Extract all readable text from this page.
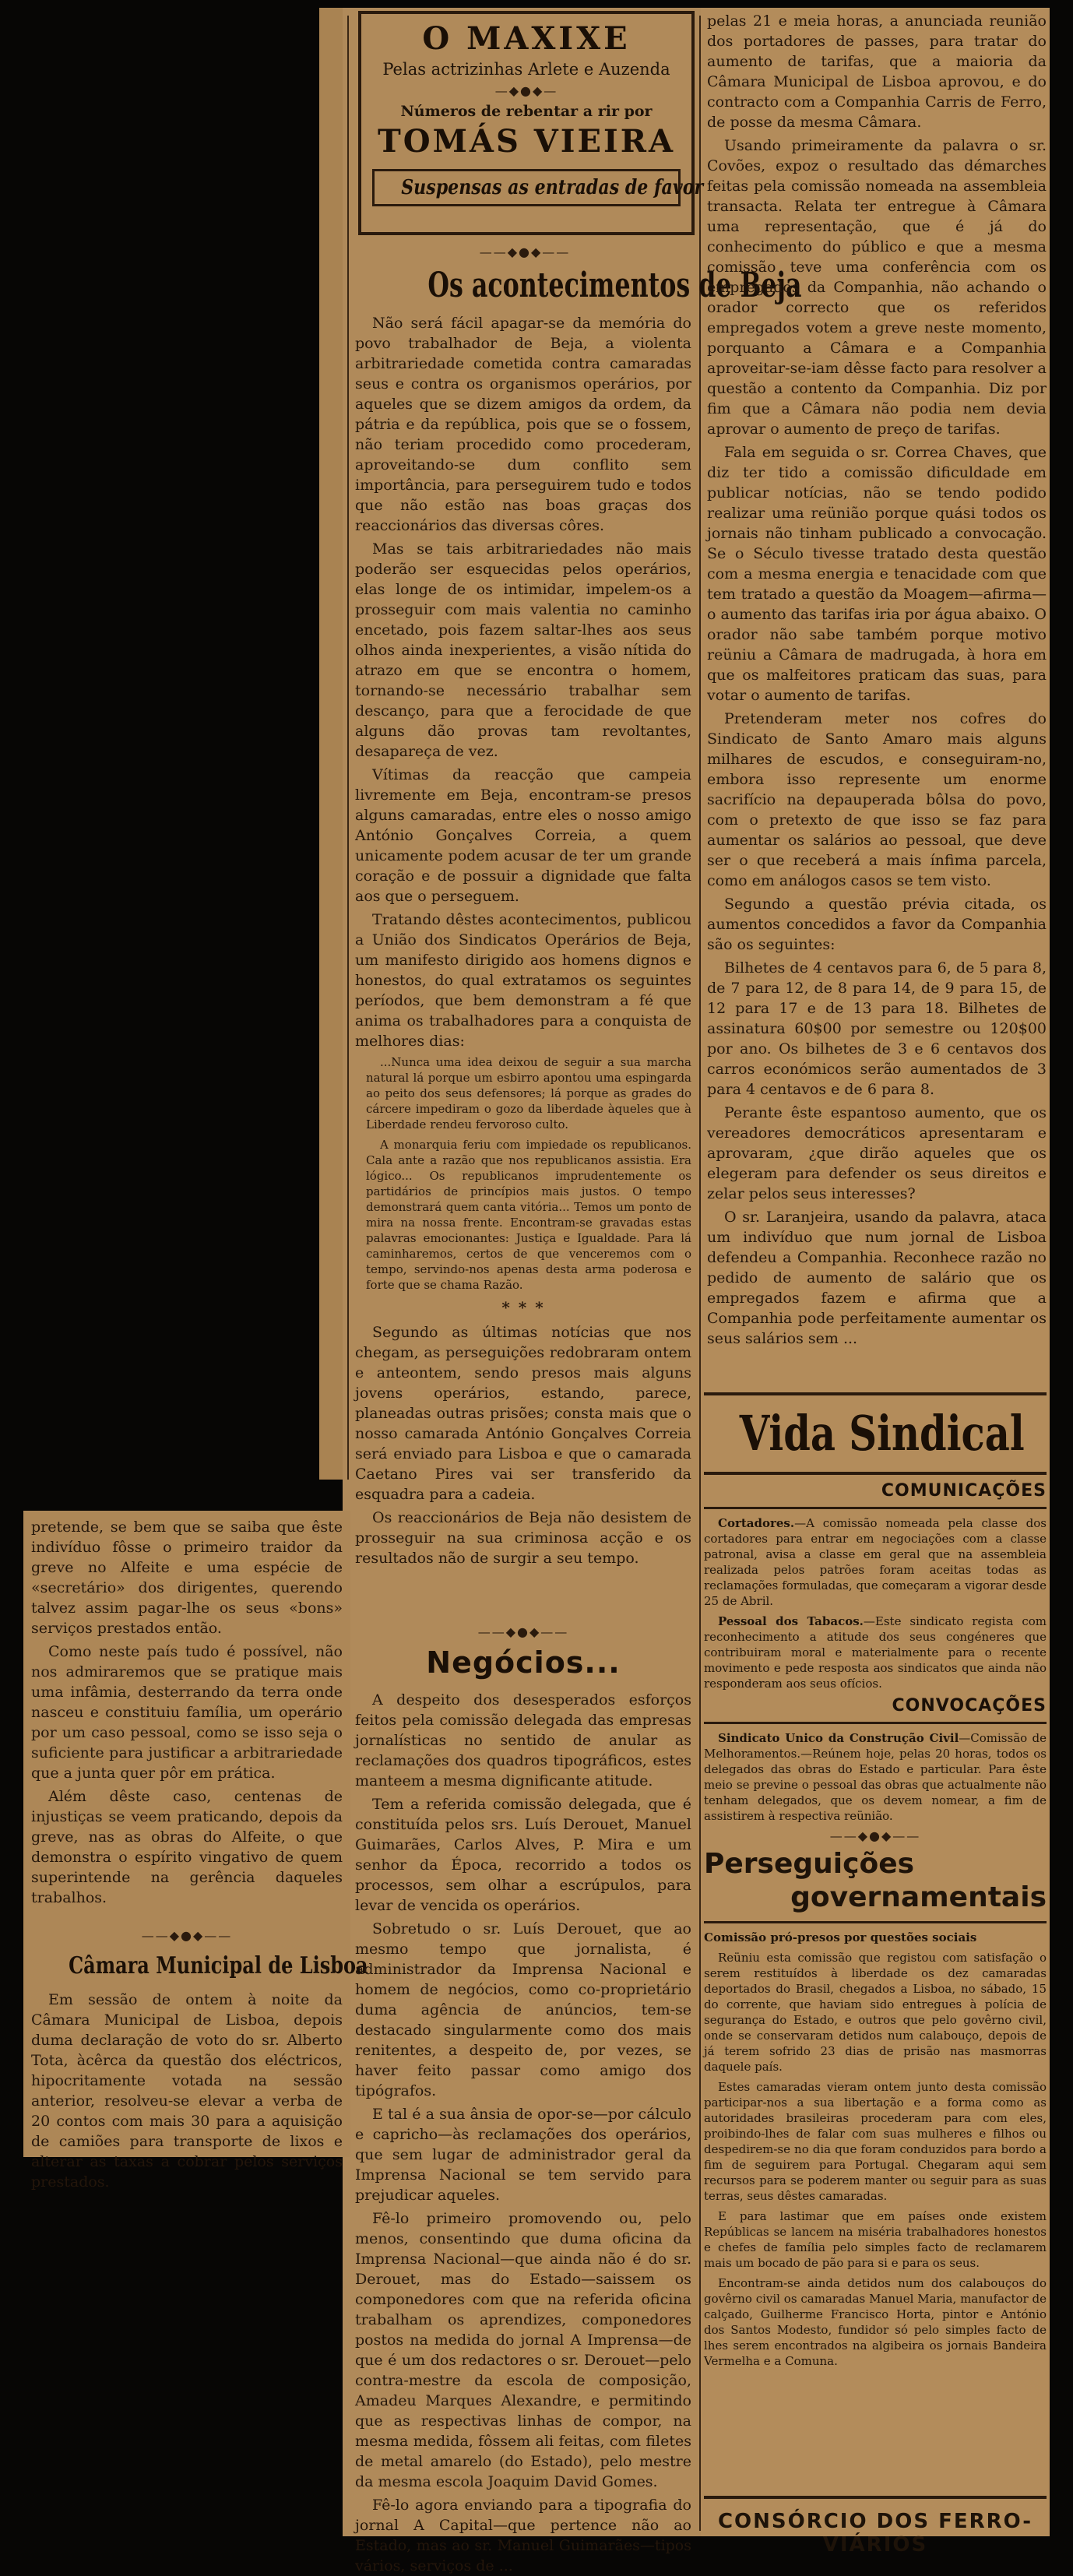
O MAXIXE
Pelas actrizinhas Arlete e Auzenda
—◆●◆—
Números de rebentar a rir por
TOMÁS VIEIRA
Suspensas as entradas de favor
——◆●◆——
Os acontecimentos de Beja

Não será fácil apagar-se da memória do povo trabalhador de Beja, a violenta arbitrariedade cometida contra camaradas seus e contra os organismos operários, por aqueles que se dizem amigos da ordem, da pátria e da república, pois que se o fossem, não teriam procedido como procederam, aproveitando-se dum conflito sem importância, para perseguirem tudo e todos que não estão nas boas graças dos reaccionários das diversas côres.

Mas se tais arbitrariedades não mais poderão ser esquecidas pelos operários, elas longe de os intimidar, impelem-os a prosseguir com mais valentia no caminho encetado, pois fazem saltar-lhes aos seus olhos ainda inexperientes, a visão nítida do atrazo em que se encontra o homem, tornando-se necessário trabalhar sem descanço, para que a ferocidade de que alguns dão provas tam revoltantes, desapareça de vez.

Vítimas da reacção que campeia livremente em Beja, encontram-se presos alguns camaradas, entre eles o nosso amigo António Gonçalves Correia, a quem unicamente podem acusar de ter um grande coração e de possuir a dignidade que falta aos que o perseguem.

Tratando dêstes acontecimentos, publicou a União dos Sindicatos Operários de Beja, um manifesto dirigido aos homens dignos e honestos, do qual extratamos os seguintes períodos, que bem demonstram a fé que anima os trabalhadores para a conquista de melhores dias:

...Nunca uma idea deixou de seguir a sua marcha natural lá porque um esbirro apontou uma espingarda ao peito dos seus defensores; lá porque as grades do cárcere impediram o gozo da liberdade àqueles que à Liberdade rendeu fervoroso culto.

A monarquia feriu com impiedade os republicanos. Cala ante a razão que nos republicanos assistia. Era lógico... Os republicanos imprudentemente os partidários de princípios mais justos. O tempo demonstrará quem canta vitória... Temos um ponto de mira na nossa frente. Encontram-se gravadas estas palavras emocionantes: Justiça e Igualdade. Para lá caminharemos, certos de que venceremos com o tempo, servindo-nos apenas desta arma poderosa e forte que se chama Razão.

* * *

Segundo as últimas notícias que nos chegam, as perseguições redobraram ontem e anteontem, sendo presos mais alguns jovens operários, estando, parece, planeadas outras prisões; consta mais que o nosso camarada António Gonçalves Correia será enviado para Lisboa e que o camarada Caetano Pires vai ser transferido da esquadra para a cadeia.

Os reaccionários de Beja não desistem de prosseguir na sua criminosa acção e os resultados não de surgir a seu tempo.

pretende, se bem que se saiba que êste indivíduo fôsse o primeiro traidor da greve no Alfeite e uma espécie de «secretário» dos dirigentes, querendo talvez assim pagar-lhe os seus «bons» serviços prestados então.

Como neste país tudo é possível, não nos admiraremos que se pratique mais uma infâmia, desterrando da terra onde nasceu e constituiu família, um operário por um caso pessoal, como se isso seja o suficiente para justificar a arbitrariedade que a junta quer pôr em prática.

Além dêste caso, centenas de injustiças se veem praticando, depois da greve, nas as obras do Alfeite, o que demonstra o espírito vingativo de quem superintende na gerência daqueles trabalhos.

——◆●◆——
Câmara Municipal de Lisboa

Em sessão de ontem à noite da Câmara Municipal de Lisboa, depois duma declaração de voto do sr. Alberto Tota, àcêrca da questão dos eléctricos, hipocritamente votada na sessão anterior, resolveu-se elevar a verba de 20 contos com mais 30 para a aquisição de camiões para transporte de lixos e alterar as taxas a cobrar pelos serviços prestados.

——◆●◆——
Negócios...

A despeito dos desesperados esforços feitos pela comissão delegada das empresas jornalísticas no sentido de anular as reclamações dos quadros tipográficos, estes manteem a mesma dignificante atitude.

Tem a referida comissão delegada, que é constituída pelos srs. Luís Derouet, Manuel Guimarães, Carlos Alves, P. Mira e um senhor da Época, recorrido a todos os processos, sem olhar a escrúpulos, para levar de vencida os operários.

Sobretudo o sr. Luís Derouet, que ao mesmo tempo que jornalista, é administrador da Imprensa Nacional e homem de negócios, como co-proprietário duma agência de anúncios, tem-se destacado singularmente como dos mais renitentes, a despeito de, por vezes, se haver feito passar como amigo dos tipógrafos.

E tal é a sua ânsia de opor-se—por cálculo e capricho—às reclamações dos operários, que sem lugar de administrador geral da Imprensa Nacional se tem servido para prejudicar aqueles.

Fê-lo primeiro promovendo ou, pelo menos, consentindo que duma oficina da Imprensa Nacional—que ainda não é do sr. Derouet, mas do Estado—saissem os componedores com que na referida oficina trabalham os aprendizes, componedores postos na medida do jornal A Imprensa—de que é um dos redactores o sr. Derouet—pelo contra-mestre da escola de composição, Amadeu Marques Alexandre, e permitindo que as respectivas linhas de compor, na mesma medida, fôssem ali feitas, com filetes de metal amarelo (do Estado), pelo mestre da mesma escola Joaquim David Gomes.

Fê-lo agora enviando para a tipografia do jornal A Capital—que pertence não ao Estado, mas ao sr. Manuel Guimarães—tipos vários, serviços de ...

pelas 21 e meia horas, a anunciada reunião dos portadores de passes, para tratar do aumento de tarifas, que a maioria da Câmara Municipal de Lisboa aprovou, e do contracto com a Companhia Carris de Ferro, de posse da mesma Câmara.

Usando primeiramente da palavra o sr. Covões, expoz o resultado das démarches feitas pela comissão nomeada na assembleia transacta. Relata ter entregue à Câmara uma representação, que é já do conhecimento do público e que a mesma comissão teve uma conferência com os empregados da Companhia, não achando o orador correcto que os referidos empregados votem a greve neste momento, porquanto a Câmara e a Companhia aproveitar-se-iam dêsse facto para resolver a questão a contento da Companhia. Diz por fim que a Câmara não podia nem devia aprovar o aumento de preço de tarifas.

Fala em seguida o sr. Correa Chaves, que diz ter tido a comissão dificuldade em publicar notícias, não se tendo podido realizar uma reünião porque quási todos os jornais não tinham publicado a convocação. Se o Século tivesse tratado desta questão com a mesma energia e tenacidade com que tem tratado a questão da Moagem—afirma—o aumento das tarifas iria por água abaixo. O orador não sabe também porque motivo reüniu a Câmara de madrugada, à hora em que os malfeitores praticam das suas, para votar o aumento de tarifas.

Pretenderam meter nos cofres do Sindicato de Santo Amaro mais alguns milhares de escudos, e conseguiram-no, embora isso represente um enorme sacrifício na depauperada bôlsa do povo, com o pretexto de que isso se faz para aumentar os salários ao pessoal, que deve ser o que receberá a mais ínfima parcela, como em análogos casos se tem visto.

Segundo a questão prévia citada, os aumentos concedidos a favor da Companhia são os seguintes:

Bilhetes de 4 centavos para 6, de 5 para 8, de 7 para 12, de 8 para 14, de 9 para 15, de 12 para 17 e de 13 para 18. Bilhetes de assinatura 60$00 por semestre ou 120$00 por ano. Os bilhetes de 3 e 6 centavos dos carros económicos serão aumentados de 3 para 4 centavos e de 6 para 8.

Perante êste espantoso aumento, que os vereadores democráticos apresentaram e aprovaram, ¿que dirão aqueles que os elegeram para defender os seus direitos e zelar pelos seus interesses?

O sr. Laranjeira, usando da palavra, ataca um indivíduo que num jornal de Lisboa defendeu a Companhia. Reconhece razão no pedido de aumento de salário que os empregados fazem e afirma que a Companhia pode perfeitamente aumentar os seus salários sem ...

Vida Sindical
COMUNICAÇÕES

Cortadores.—A comissão nomeada pela classe dos cortadores para entrar em negociações com a classe patronal, avisa a classe em geral que na assembleia realizada pelos patrões foram aceitas todas as reclamações formuladas, que começaram a vigorar desde 25 de Abril.

Pessoal dos Tabacos.—Este sindicato regista com reconhecimento a atitude dos seus congéneres que contribuiram moral e materialmente para o recente movimento e pede resposta aos sindicatos que ainda não responderam aos seus ofícios.

CONVOCAÇÕES

Sindicato Unico da Construção Civil—Comissão de Melhoramentos.—Reúnem hoje, pelas 20 horas, todos os delegados das obras do Estado e particular. Para êste meio se previne o pessoal das obras que actualmente não tenham delegados, que os devem nomear, a fim de assistirem à respectiva reünião.

——◆●◆——
Perseguições
governamentais

Comissão pró-presos por questões sociais

Reüniu esta comissão que registou com satisfação o serem restituídos à liberdade os dez camaradas deportados do Brasil, chegados a Lisboa, no sábado, 15 do corrente, que haviam sido entregues à polícia de segurança do Estado, e outros que pelo govêrno civil, onde se conservaram detidos num calabouço, depois de já terem sofrido 23 dias de prisão nas masmorras daquele país.

Estes camaradas vieram ontem junto desta comissão participar-nos a sua libertação e a forma como as autoridades brasileiras procederam para com eles, proibindo-lhes de falar com suas mulheres e filhos ou despedirem-se no dia que foram conduzidos para bordo a fim de seguirem para Portugal. Chegaram aqui sem recursos para se poderem manter ou seguir para as suas terras, seus dêstes camaradas.

E para lastimar que em países onde existem Repúblicas se lancem na miséria trabalhadores honestos e chefes de família pelo simples facto de reclamarem mais um bocado de pão para si e para os seus.

Encontram-se ainda detidos num dos calabouços do govêrno civil os camaradas Manuel Maria, manufactor de calçado, Guilherme Francisco Horta, pintor e António dos Santos Modesto, fundidor só pelo simples facto de lhes serem encontrados na algibeira os jornais Bandeira Vermelha e a Comuna.

CONSÓRCIO DOS FERRO-VIÁRIOS
